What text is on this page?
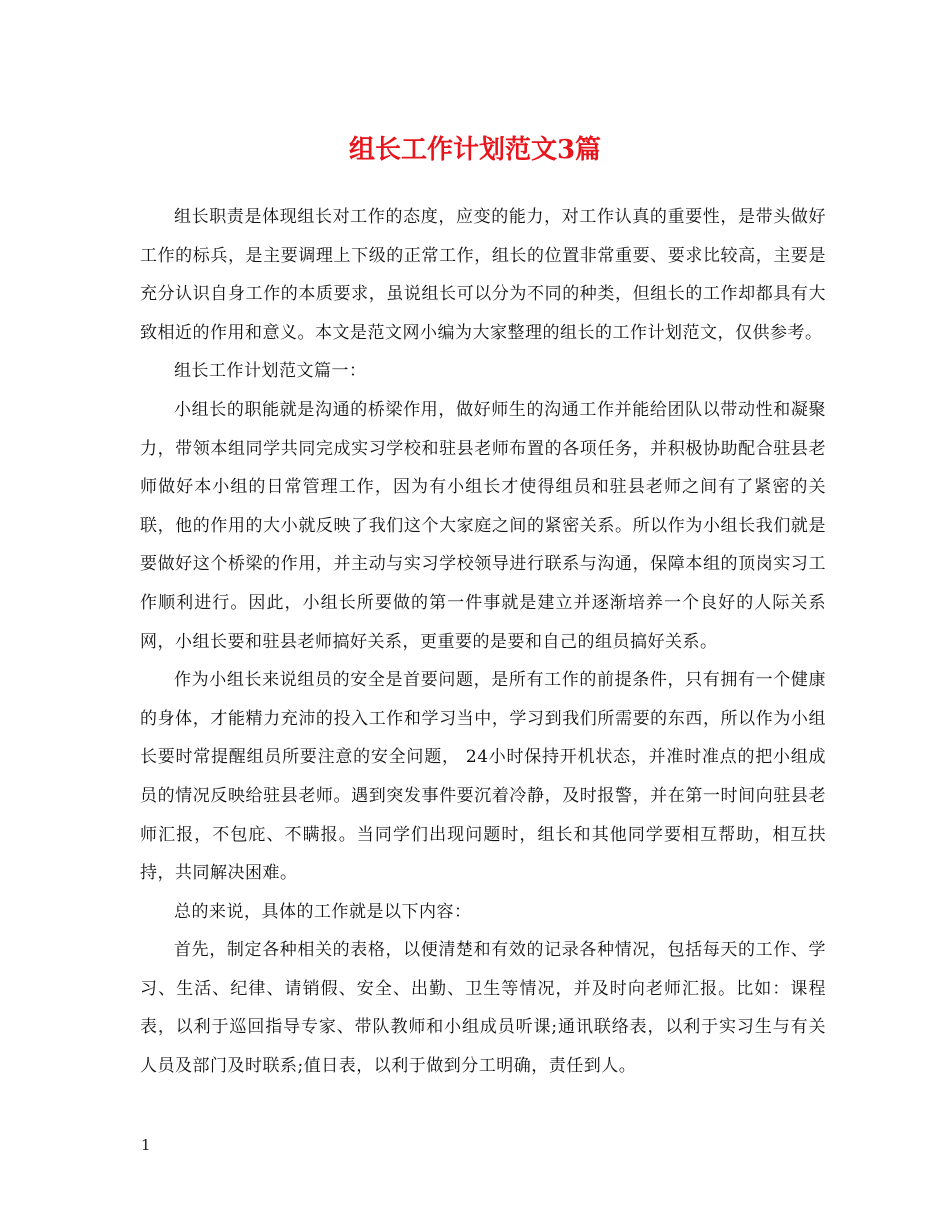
组长工作计划范文3篇

组长职责是体现组长对工作的态度，应变的能力，对工作认真的重要性，是带头做好工作的标兵，是主要调理上下级的正常工作，组长的位置非常重要、要求比较高，主要是充分认识自身工作的本质要求，虽说组长可以分为不同的种类，但组长的工作却都具有大致相近的作用和意义。本文是范文网小编为大家整理的组长的工作计划范文，仅供参考。

组长工作计划范文篇一：

小组长的职能就是沟通的桥梁作用，做好师生的沟通工作并能给团队以带动性和凝聚力，带领本组同学共同完成实习学校和驻县老师布置的各项任务，并积极协助配合驻县老师做好本小组的日常管理工作，因为有小组长才使得组员和驻县老师之间有了紧密的关联，他的作用的大小就反映了我们这个大家庭之间的紧密关系。所以作为小组长我们就是要做好这个桥梁的作用，并主动与实习学校领导进行联系与沟通，保障本组的顶岗实习工作顺利进行。因此，小组长所要做的第一件事就是建立并逐渐培养一个良好的人际关系网，小组长要和驻县老师搞好关系，更重要的是要和自己的组员搞好关系。

作为小组长来说组员的安全是首要问题，是所有工作的前提条件，只有拥有一个健康的身体，才能精力充沛的投入工作和学习当中，学习到我们所需要的东西，所以作为小组长要时常提醒组员所要注意的安全问题， 24小时保持开机状态，并准时准点的把小组成员的情况反映给驻县老师。遇到突发事件要沉着冷静，及时报警，并在第一时间向驻县老师汇报，不包庇、不瞒报。当同学们出现问题时，组长和其他同学要相互帮助，相互扶持，共同解决困难。

总的来说，具体的工作就是以下内容：

首先，制定各种相关的表格，以便清楚和有效的记录各种情况，包括每天的工作、学习、生活、纪律、请销假、安全、出勤、卫生等情况，并及时向老师汇报。比如：课程表，以利于巡回指导专家、带队教师和小组成员听课;通讯联络表，以利于实习生与有关人员及部门及时联系;值日表，以利于做到分工明确，责任到人。

1
